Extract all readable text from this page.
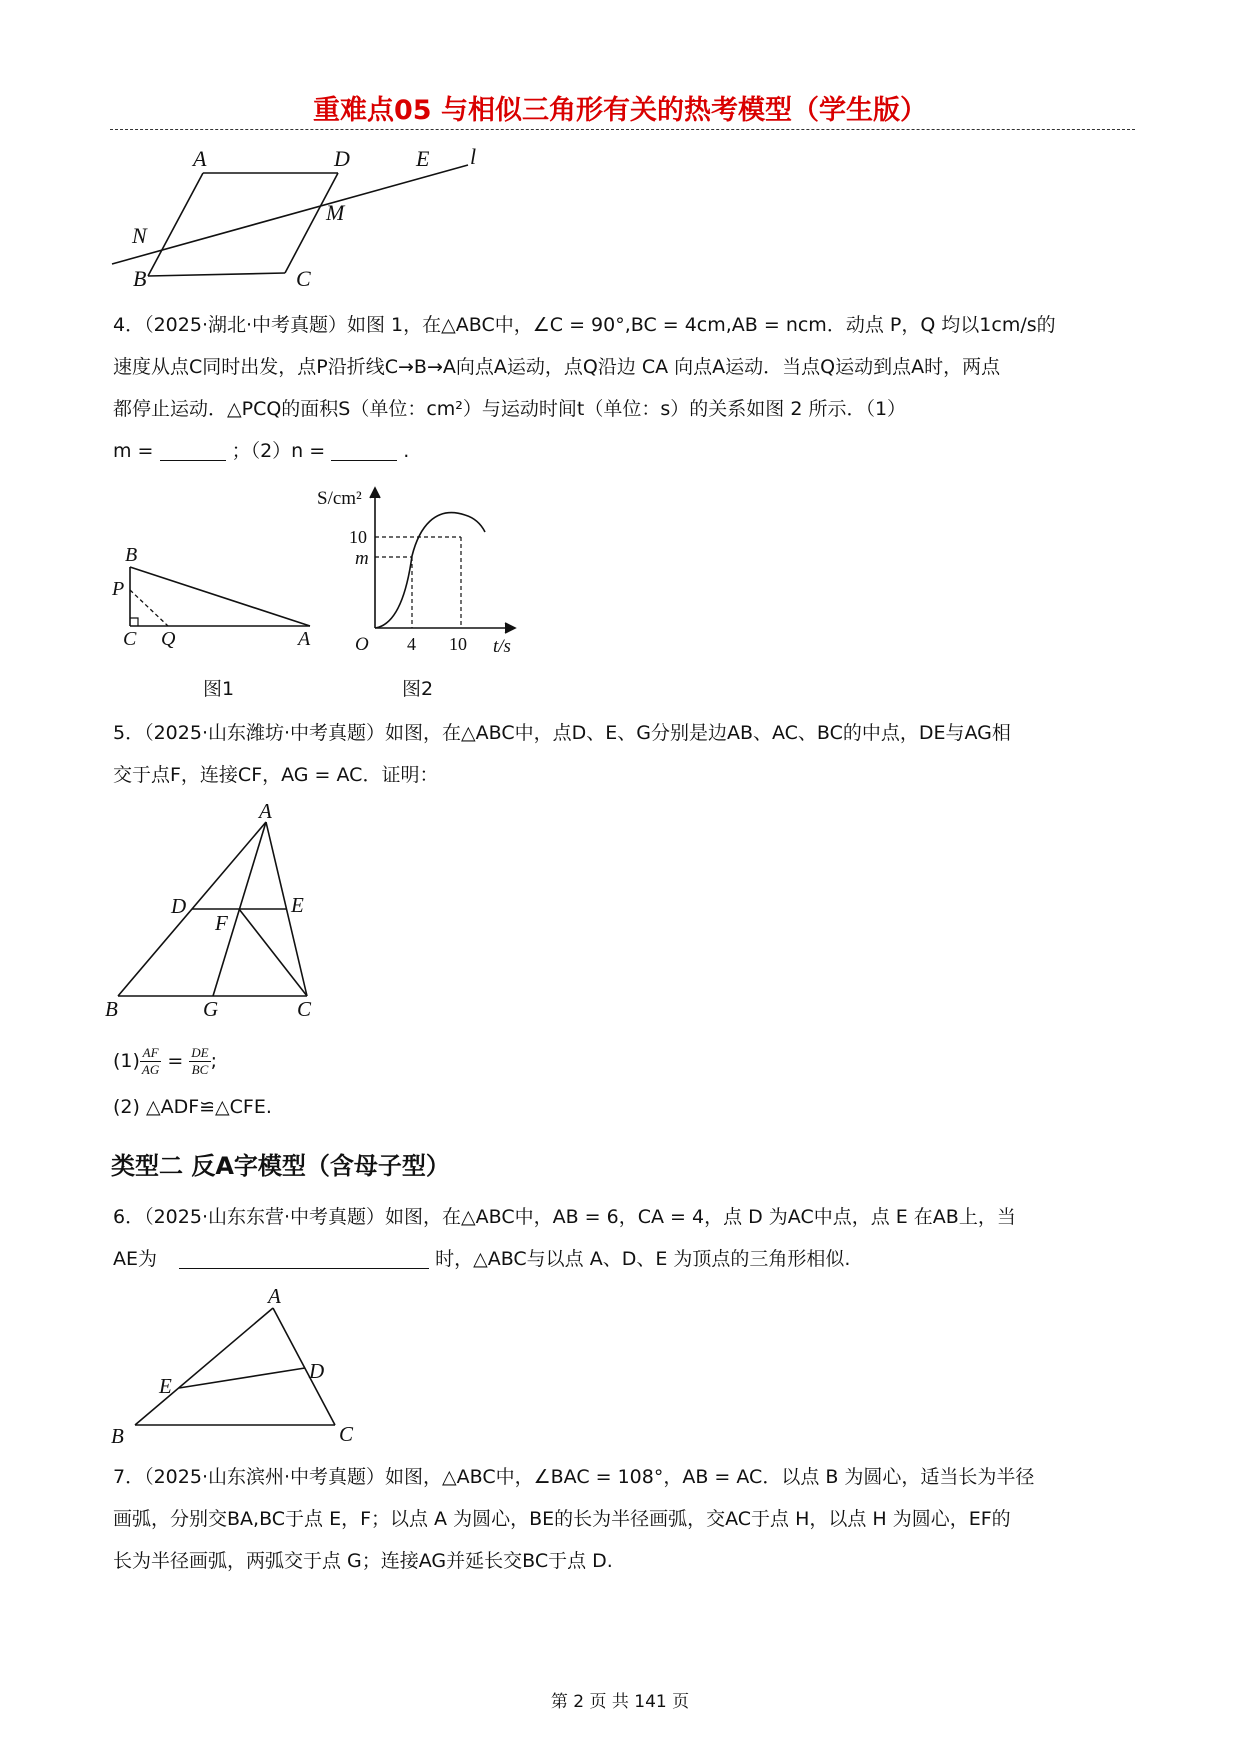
重难点05 与相似三角形有关的热考模型（学生版）
A	D	E l
M
N
B	C
4．（2025·湖北·中考真题）如图 1，在△ABC中，∠C = 90°,BC = 4cm,AB = ncm．动点 P，Q 均以1cm/s的
速度从点C同时出发，点P沿折线C→B→A向点A运动，点Q沿边 CA 向点A运动．当点Q运动到点A时，两点
都停止运动．△PCQ的面积S（单位：cm²）与运动时间t（单位：s）的关系如图 2 所示．（1）
m =	；（2）n =	.
B
P
C Q	A
图1
S/cm²
10
m
O 4 10 t/s
图2
5．（2025·山东潍坊·中考真题）如图，在△ABC中，点D、E、G分别是边AB、AC、BC的中点，DE与AG相
交于点F，连接CF，AG = AC．证明：
A
D	E
F
B	G	C
$(1) \frac{AF}{AG} = \frac{DE}{BC}$ ;
(2) △ADF≌△CFE.
类型二 反A字模型（含母子型）
6．（2025·山东东营·中考真题）如图，在△ABC中，AB = 6，CA = 4，点 D 为AC中点，点 E 在AB上，当
AE为	时，△ABC与以点 A、D、E 为顶点的三角形相似.
A
D
E
B	C
7．（2025·山东滨州·中考真题）如图，△ABC中，∠BAC = 108°，AB = AC．以点 B 为圆心，适当长为半径
画弧，分别交BA,BC于点 E，F；以点 A 为圆心，BE的长为半径画弧，交AC于点 H，以点 H 为圆心，EF的
长为半径画弧，两弧交于点 G；连接AG并延长交BC于点 D.
第 2 页 共 141 页
